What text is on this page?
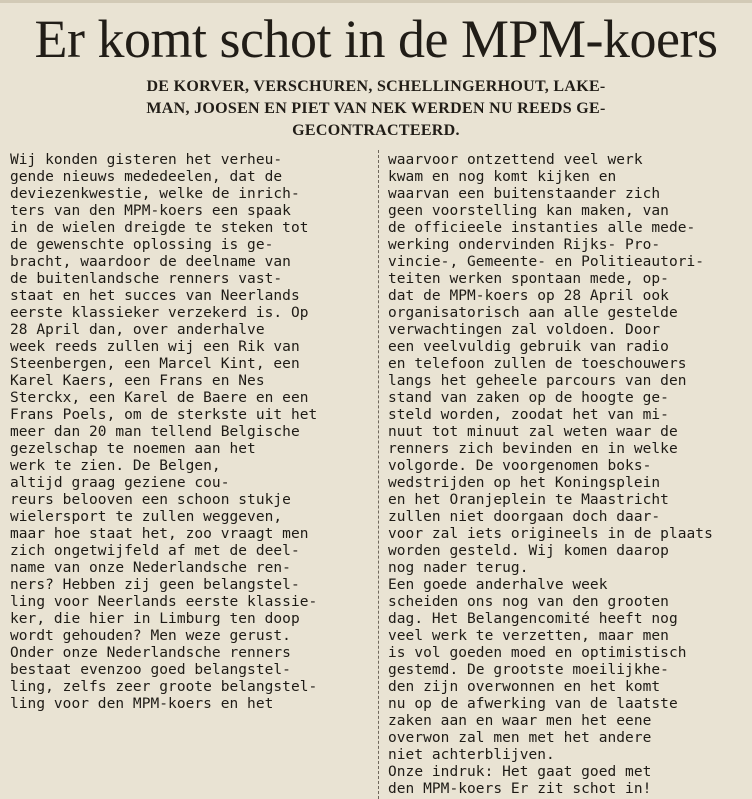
Er komt schot in de MPM-koers
DE KORVER, VERSCHUREN, SCHELLINGERHOUT, LAKE-
MAN, JOOSEN EN PIET VAN NEK WERDEN NU REEDS GE-
GECONTRACTEERD.
Wij konden gisteren het verheu-
gende nieuws mededeelen, dat de
deviezenkwestie, welke de inrich-
ters van den MPM-koers een spaak
in de wielen dreigde te steken tot
de gewenschte oplossing is ge-
bracht, waardoor de deelname van
de buitenlandsche renners vast-
staat en het succes van Neerlands
eerste klassieker verzekerd is. Op
28 April dan, over anderhalve
week reeds zullen wij een Rik van
Steenbergen, een Marcel Kint, een
Karel Kaers, een Frans en Nes
Sterckx, een Karel de Baere en een
Frans Poels, om de sterkste uit het
meer dan 20 man tellend Belgische
gezelschap te noemen aan het
werk te zien. De Belgen,
altijd graag geziene cou-
reurs belooven een schoon stukje
wielersport te zullen weggeven,
maar hoe staat het, zoo vraagt men
zich ongetwijfeld af met de deel-
name van onze Nederlandsche ren-
ners? Hebben zij geen belangstel-
ling voor Neerlands eerste klassie-
ker, die hier in Limburg ten doop
wordt gehouden? Men weze gerust.
Onder onze Nederlandsche renners
bestaat evenzoo goed belangstel-
ling, zelfs zeer groote belangstel-
ling voor den MPM-koers en het
waarvoor ontzettend veel werk
kwam en nog komt kijken en
waarvan een buitenstaander zich
geen voorstelling kan maken, van
de officieele instanties alle mede-
werking ondervinden Rijks- Pro-
vincie-, Gemeente- en Politieautori-
teiten werken spontaan mede, op-
dat de MPM-koers op 28 April ook
organisatorisch aan alle gestelde
verwachtingen zal voldoen. Door
een veelvuldig gebruik van radio
en telefoon zullen de toeschouwers
langs het geheele parcours van den
stand van zaken op de hoogte ge-
steld worden, zoodat het van mi-
nuut tot minuut zal weten waar de
renners zich bevinden en in welke
volgorde. De voorgenomen boks-
wedstrijden op het Koningsplein
en het Oranjeplein te Maastricht
zullen niet doorgaan doch daar-
voor zal iets origineels in de plaats
worden gesteld. Wij komen daarop
nog nader terug.
Een goede anderhalve week
scheiden ons nog van den grooten
dag. Het Belangencomité heeft nog
veel werk te verzetten, maar men
is vol goeden moed en optimistisch
gestemd. De grootste moeilijkhe-
den zijn overwonnen en het komt
nu op de afwerking van de laatste
zaken aan en waar men het eene
overwon zal men met het andere
niet achterblijven.
Onze indruk: Het gaat goed met
den MPM-koers Er zit schot in!
